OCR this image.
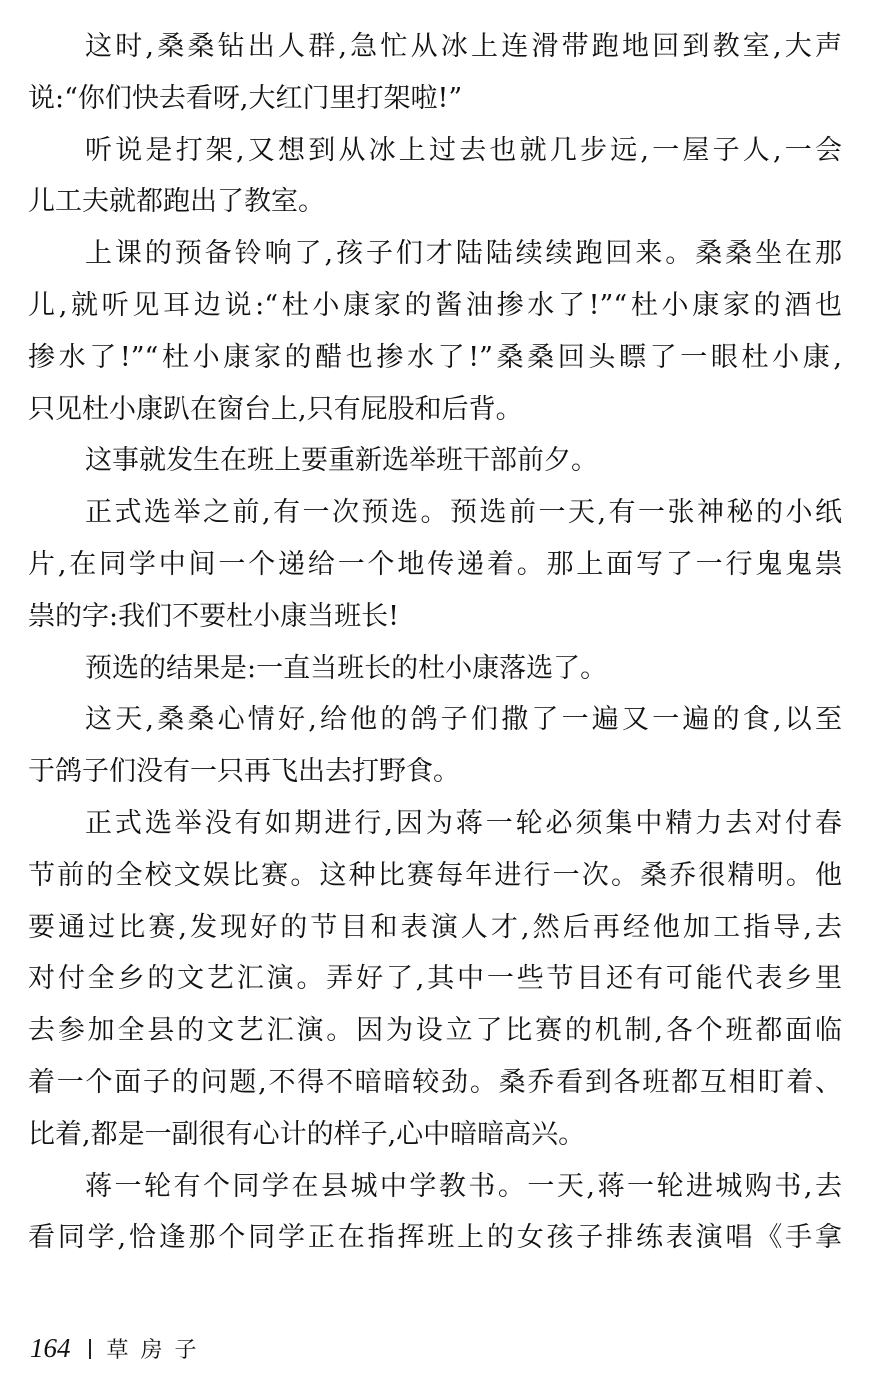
这时,桑桑钻出人群,急忙从冰上连滑带跑地回到教室,大声
说:“你们快去看呀,大红门里打架啦!”
听说是打架,又想到从冰上过去也就几步远,一屋子人,一会
儿工夫就都跑出了教室。
上课的预备铃响了,孩子们才陆陆续续跑回来。桑桑坐在那
儿,就听见耳边说:“杜小康家的酱油掺水了!”“杜小康家的酒也
掺水了!”“杜小康家的醋也掺水了!”桑桑回头瞟了一眼杜小康,
只见杜小康趴在窗台上,只有屁股和后背。
这事就发生在班上要重新选举班干部前夕。
正式选举之前,有一次预选。预选前一天,有一张神秘的小纸
片,在同学中间一个递给一个地传递着。那上面写了一行鬼鬼祟
祟的字:我们不要杜小康当班长!
预选的结果是:一直当班长的杜小康落选了。
这天,桑桑心情好,给他的鸽子们撒了一遍又一遍的食,以至
于鸽子们没有一只再飞出去打野食。
正式选举没有如期进行,因为蒋一轮必须集中精力去对付春
节前的全校文娱比赛。这种比赛每年进行一次。桑乔很精明。他
要通过比赛,发现好的节目和表演人才,然后再经他加工指导,去
对付全乡的文艺汇演。弄好了,其中一些节目还有可能代表乡里
去参加全县的文艺汇演。因为设立了比赛的机制,各个班都面临
着一个面子的问题,不得不暗暗较劲。桑乔看到各班都互相盯着、
比着,都是一副很有心计的样子,心中暗暗高兴。
蒋一轮有个同学在县城中学教书。一天,蒋一轮进城购书,去
看同学,恰逢那个同学正在指挥班上的女孩子排练表演唱《手拿
164 草房子
